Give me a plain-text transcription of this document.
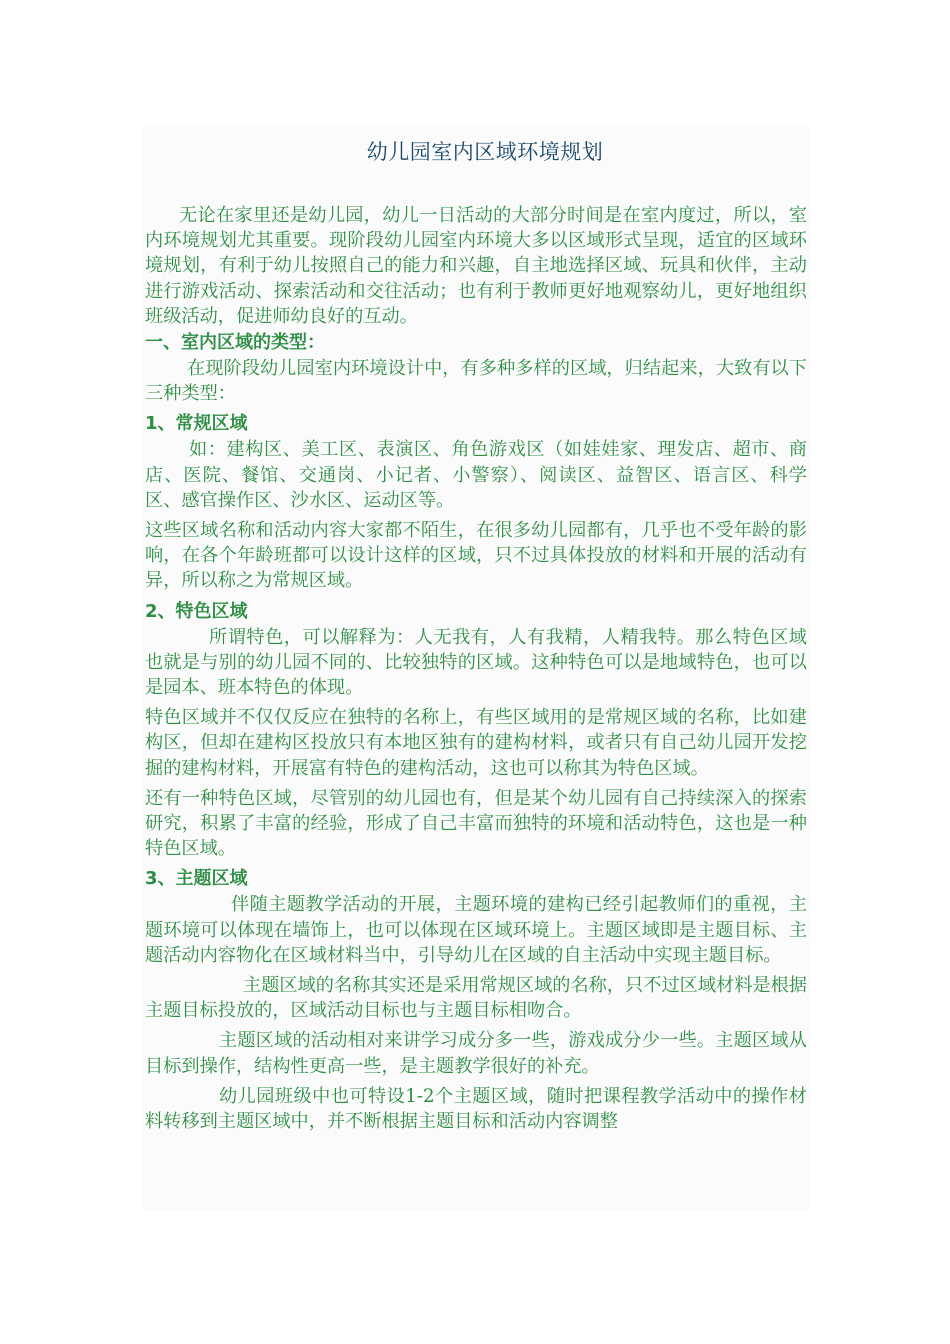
幼儿园室内区域环境规划

无论在家里还是幼儿园，幼儿一日活动的大部分时间是在室内度过，所以，室内环境规划尤其重要。现阶段幼儿园室内环境大多以区域形式呈现，适宜的区域环境规划，有利于幼儿按照自己的能力和兴趣，自主地选择区域、玩具和伙伴，主动进行游戏活动、探索活动和交往活动；也有利于教师更好地观察幼儿，更好地组织班级活动，促进师幼良好的互动。

一、室内区域的类型：

在现阶段幼儿园室内环境设计中，有多种多样的区域，归结起来，大致有以下三种类型：

1、常规区域

如：建构区、美工区、表演区、角色游戏区（如娃娃家、理发店、超市、商店、医院、餐馆、交通岗、小记者、小警察）、阅读区、益智区、语言区、科学区、感官操作区、沙水区、运动区等。

这些区域名称和活动内容大家都不陌生，在很多幼儿园都有，几乎也不受年龄的影响，在各个年龄班都可以设计这样的区域，只不过具体投放的材料和开展的活动有异，所以称之为常规区域。

2、特色区域

所谓特色，可以解释为：人无我有，人有我精，人精我特。那么特色区域也就是与别的幼儿园不同的、比较独特的区域。这种特色可以是地域特色，也可以是园本、班本特色的体现。

特色区域并不仅仅反应在独特的名称上，有些区域用的是常规区域的名称，比如建构区，但却在建构区投放只有本地区独有的建构材料，或者只有自己幼儿园开发挖掘的建构材料，开展富有特色的建构活动，这也可以称其为特色区域。

还有一种特色区域，尽管别的幼儿园也有，但是某个幼儿园有自己持续深入的探索研究，积累了丰富的经验，形成了自己丰富而独特的环境和活动特色，这也是一种特色区域。

3、主题区域

伴随主题教学活动的开展，主题环境的建构已经引起教师们的重视，主题环境可以体现在墙饰上，也可以体现在区域环境上。主题区域即是主题目标、主题活动内容物化在区域材料当中，引导幼儿在区域的自主活动中实现主题目标。

主题区域的名称其实还是采用常规区域的名称，只不过区域材料是根据主题目标投放的，区域活动目标也与主题目标相吻合。

主题区域的活动相对来讲学习成分多一些，游戏成分少一些。主题区域从目标到操作，结构性更高一些，是主题教学很好的补充。

幼儿园班级中也可特设1-2个主题区域，随时把课程教学活动中的操作材料转移到主题区域中，并不断根据主题目标和活动内容调整
